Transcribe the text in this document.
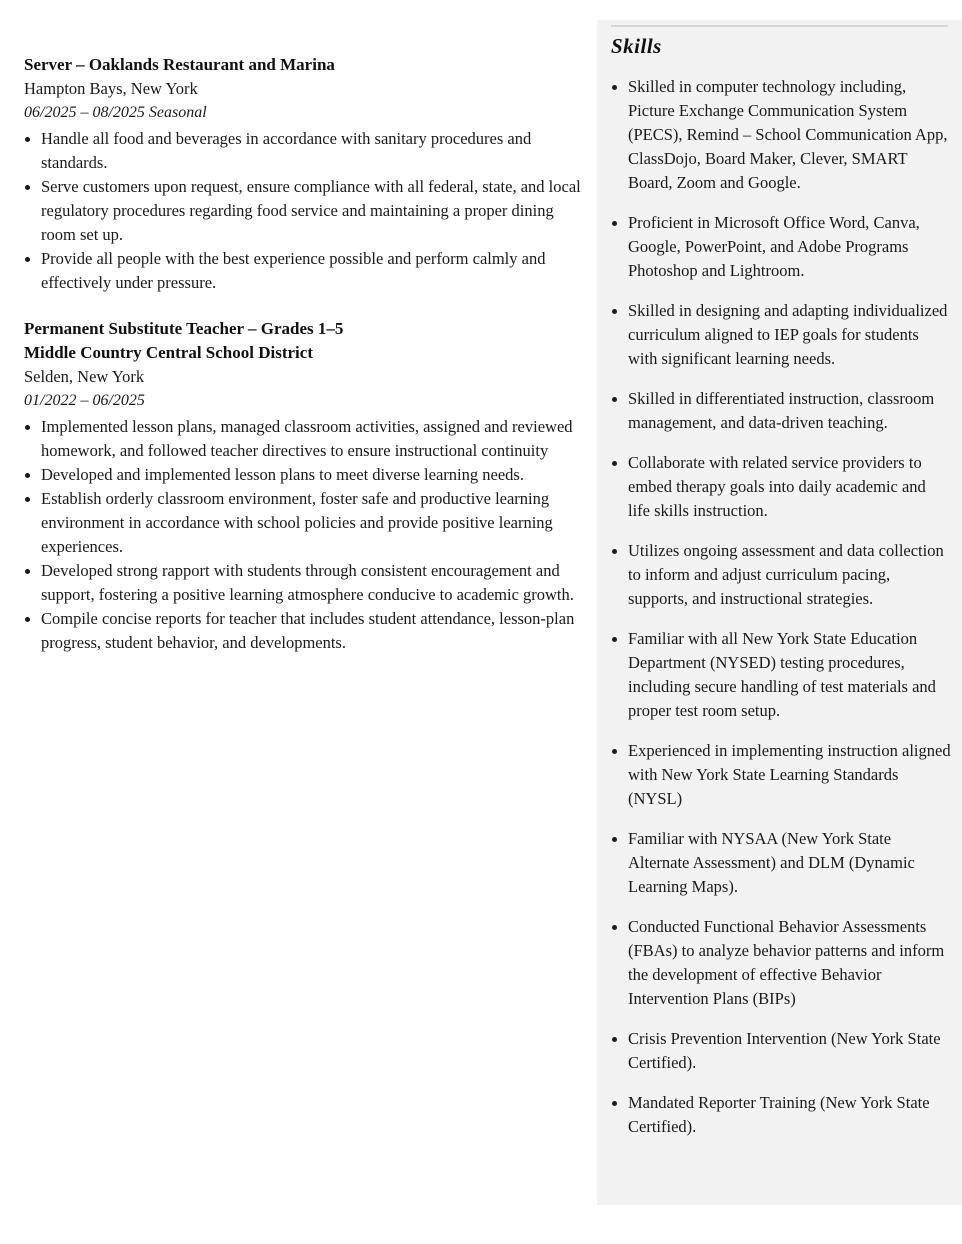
Server – Oaklands Restaurant and Marina
Hampton Bays, New York
06/2025 – 08/2025 Seasonal
Handle all food and beverages in accordance with sanitary procedures and standards.
Serve customers upon request, ensure compliance with all federal, state, and local regulatory procedures regarding food service and maintaining a proper dining room set up.
Provide all people with the best experience possible and perform calmly and effectively under pressure.
Permanent Substitute Teacher – Grades 1–5
Middle Country Central School District
Selden, New York
01/2022 – 06/2025
Implemented lesson plans, managed classroom activities, assigned and reviewed homework, and followed teacher directives to ensure instructional continuity
Developed and implemented lesson plans to meet diverse learning needs.
Establish orderly classroom environment, foster safe and productive learning environment in accordance with school policies and provide positive learning experiences.
Developed strong rapport with students through consistent encouragement and support, fostering a positive learning atmosphere conducive to academic growth.
Compile concise reports for teacher that includes student attendance, lesson-plan progress, student behavior, and developments.
Skills
Skilled in computer technology including, Picture Exchange Communication System (PECS), Remind – School Communication App, ClassDojo, Board Maker, Clever, SMART Board, Zoom and Google.
Proficient in Microsoft Office Word, Canva, Google, PowerPoint, and Adobe Programs Photoshop and Lightroom.
Skilled in designing and adapting individualized curriculum aligned to IEP goals for students with significant learning needs.
Skilled in differentiated instruction, classroom management, and data-driven teaching.
Collaborate with related service providers to embed therapy goals into daily academic and life skills instruction.
Utilizes ongoing assessment and data collection to inform and adjust curriculum pacing, supports, and instructional strategies.
Familiar with all New York State Education Department (NYSED) testing procedures, including secure handling of test materials and proper test room setup.
Experienced in implementing instruction aligned with New York State Learning Standards (NYSL)
Familiar with NYSAA (New York State Alternate Assessment) and DLM (Dynamic Learning Maps).
Conducted Functional Behavior Assessments (FBAs) to analyze behavior patterns and inform the development of effective Behavior Intervention Plans (BIPs)
Crisis Prevention Intervention (New York State Certified).
Mandated Reporter Training (New York State Certified).
